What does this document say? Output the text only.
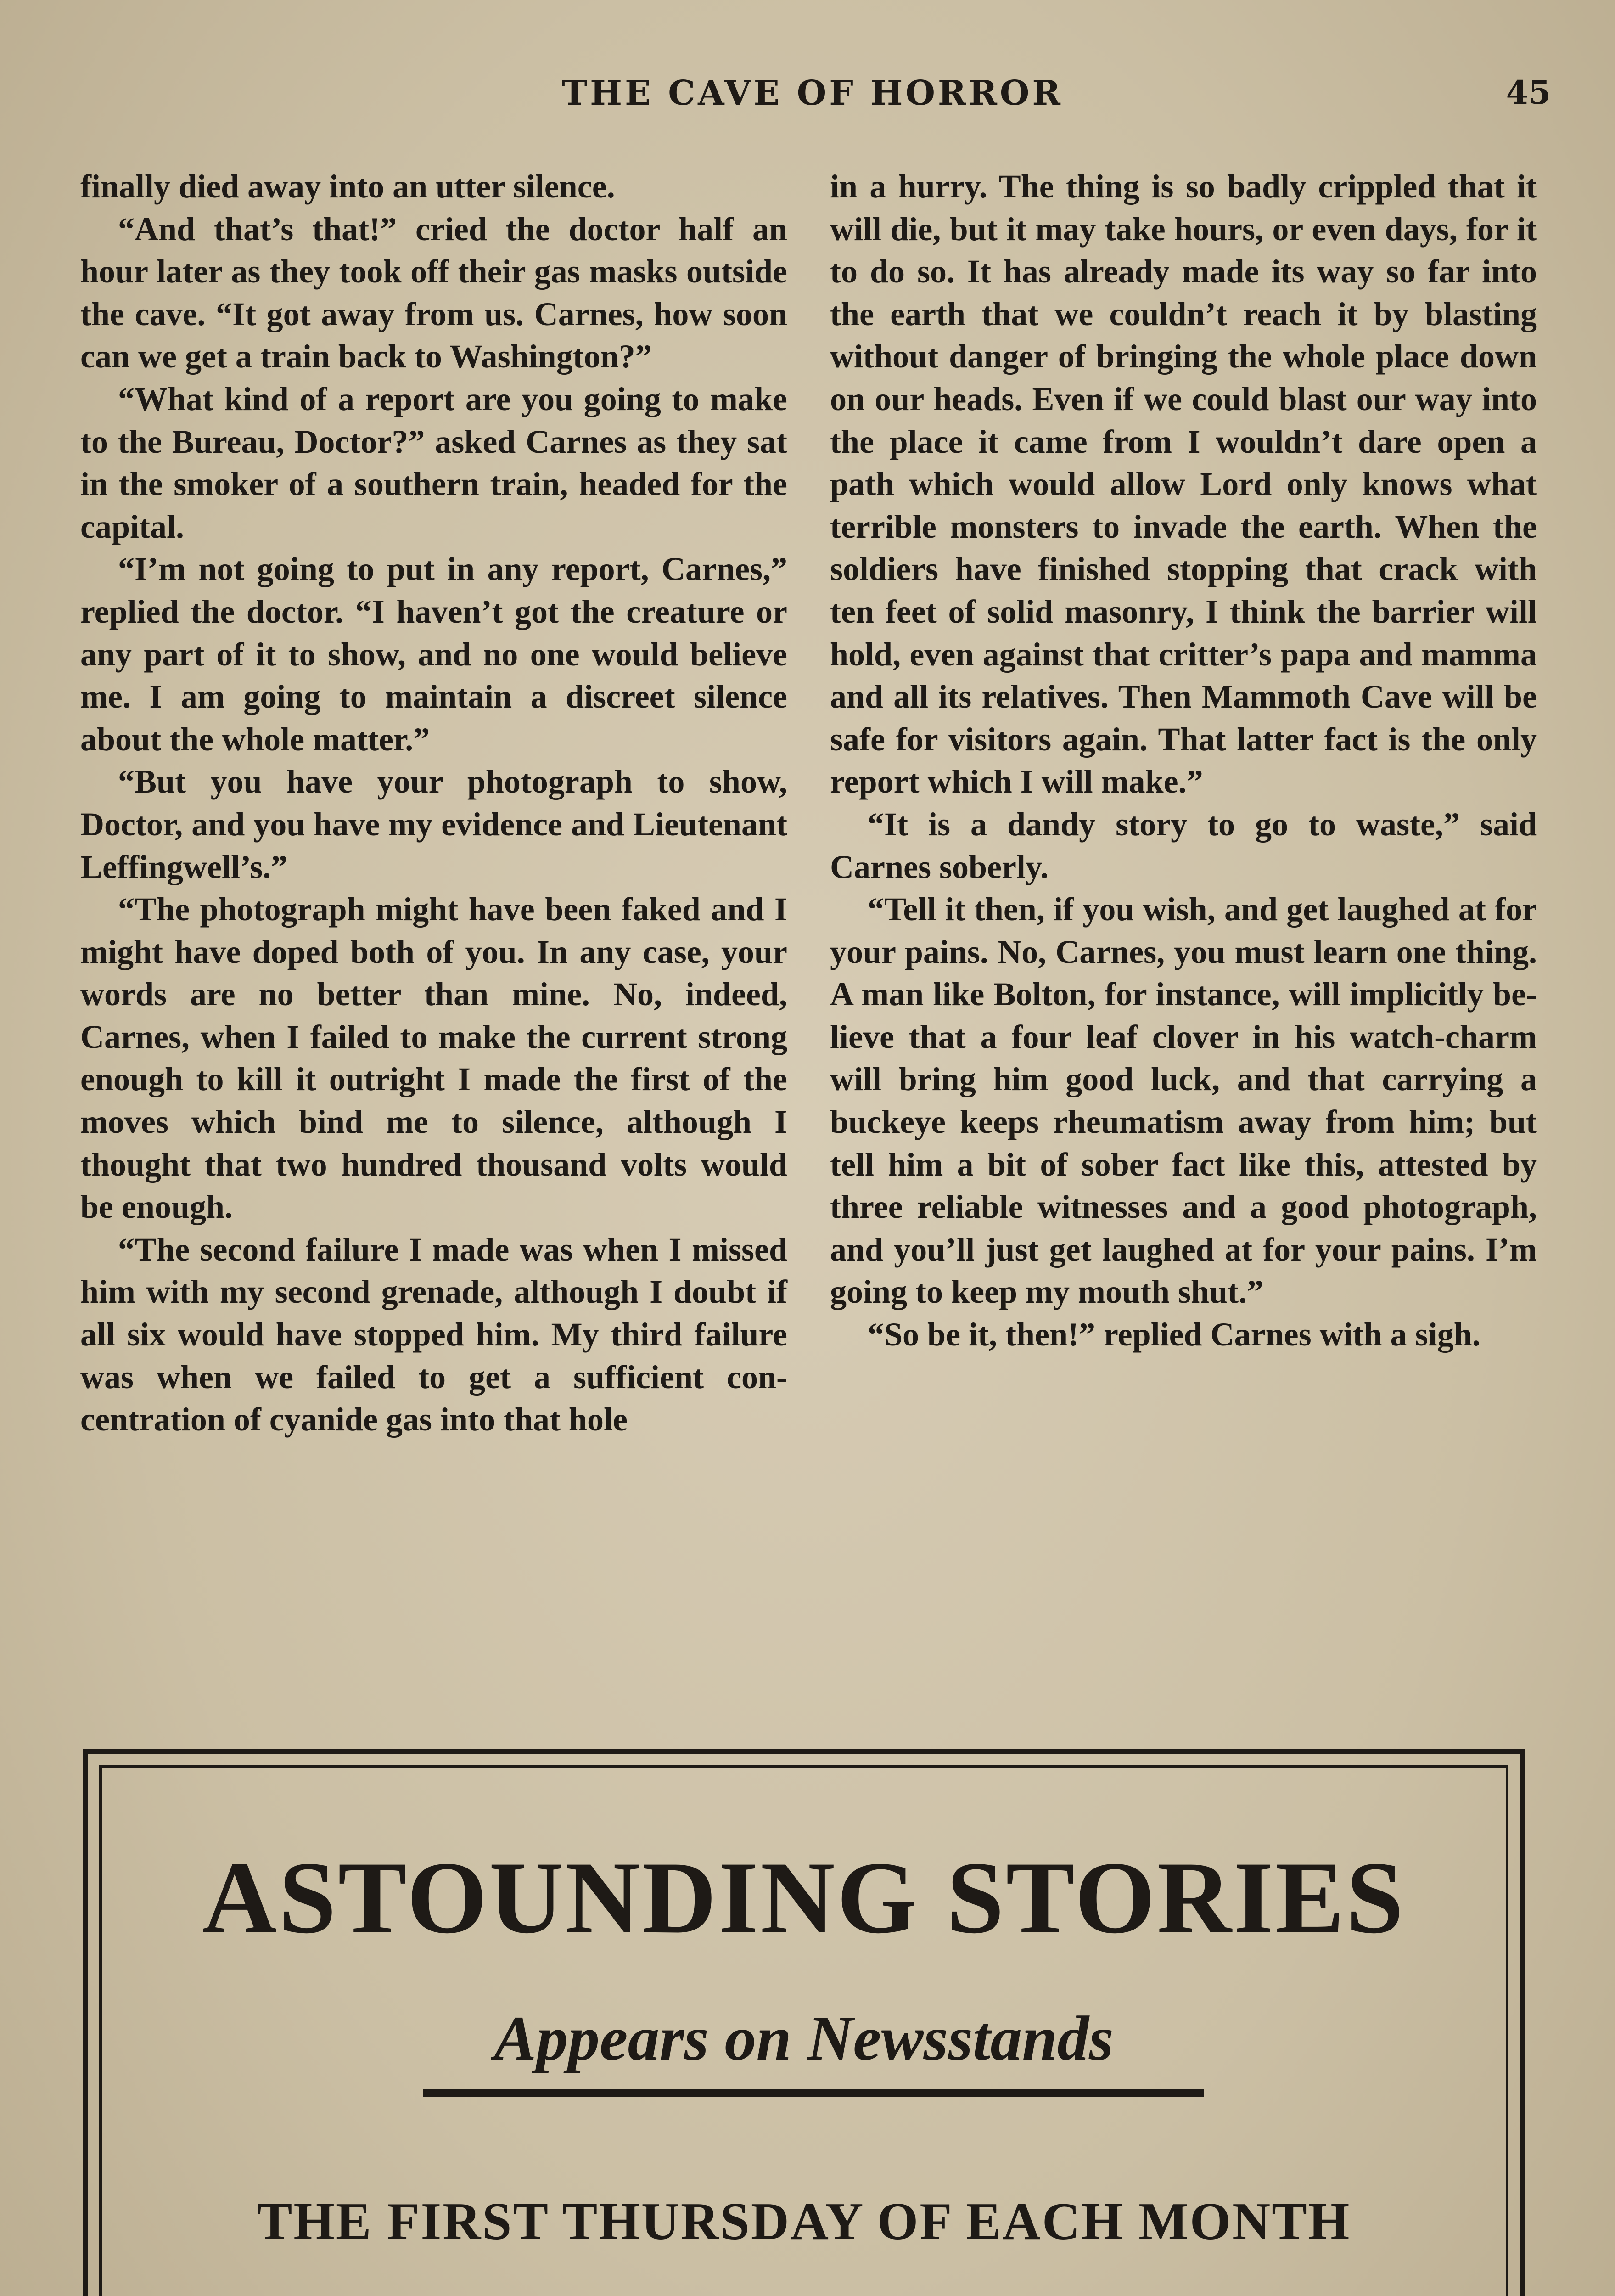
THE CAVE OF HORROR	45

finally died away into an utter silence.

“And that’s that!” cried the doctor half an hour later as they took off their gas masks outside the cave. “It got away from us. Carnes, how soon can we get a train back to Washington?”

“What kind of a report are you going to make to the Bureau, Doctor?” asked Carnes as they sat in the smoker of a southern train, headed for the capital.

“I’m not going to put in any report, Carnes,” replied the doctor. “I haven’t got the creature or any part of it to show, and no one would believe me. I am going to maintain a discreet silence about the whole matter.”

“But you have your photograph to show, Doctor, and you have my evidence and Lieutenant Leffingwell’s.”

“The photograph might have been faked and I might have doped both of you. In any case, your words are no better than mine. No, indeed, Carnes, when I failed to make the current strong enough to kill it outright I made the first of the moves which bind me to silence, although I thought that two hundred thousand volts would be enough.

“The second failure I made was when I missed him with my second grenade, although I doubt if all six would have stopped him. My third failure was when we failed to get a sufficient concentration of cyanide gas into that hole

in a hurry. The thing is so badly crippled that it will die, but it may take hours, or even days, for it to do so. It has already made its way so far into the earth that we couldn’t reach it by blasting without danger of bringing the whole place down on our heads. Even if we could blast our way into the place it came from I wouldn’t dare open a path which would allow Lord only knows what terrible monsters to invade the earth. When the soldiers have finished stopping that crack with ten feet of solid masonry, I think the barrier will hold, even against that critter’s papa and mamma and all its relatives. Then Mammoth Cave will be safe for visitors again. That latter fact is the only report which I will make.”

“It is a dandy story to go to waste,” said Carnes soberly.

“Tell it then, if you wish, and get laughed at for your pains. No, Carnes, you must learn one thing. A man like Bolton, for instance, will implicitly believe that a four leaf clover in his watch-charm will bring him good luck, and that carrying a buckeye keeps rheumatism away from him; but tell him a bit of sober fact like this, attested by three reliable witnesses and a good photograph, and you’ll just get laughed at for your pains. I’m going to keep my mouth shut.”

“So be it, then!” replied Carnes with a sigh.

ASTOUNDING STORIES
Appears on Newsstands
THE FIRST THURSDAY OF EACH MONTH
